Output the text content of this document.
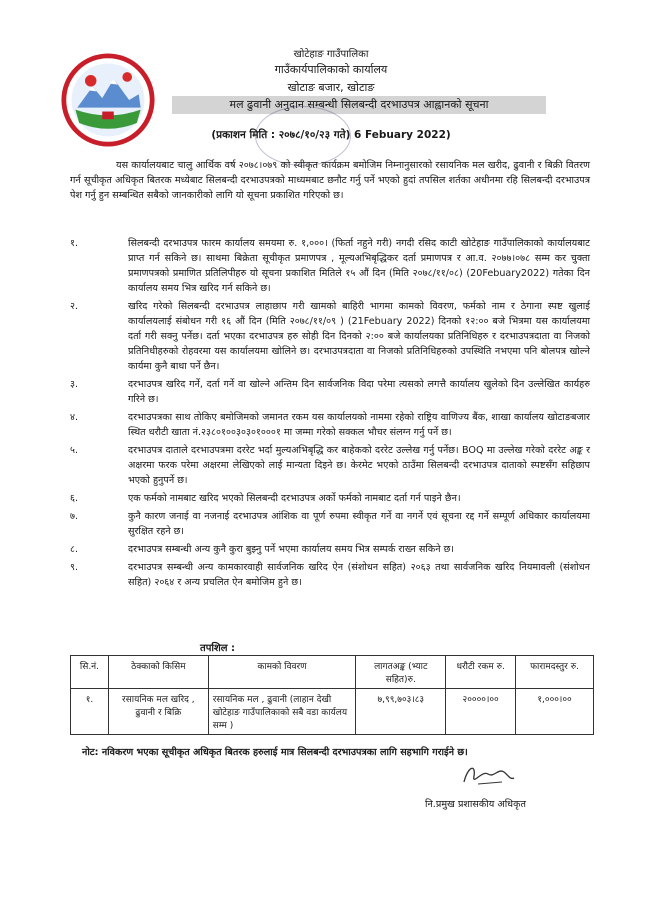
खोटेहाङ गाउँपालिका
गाउँकार्यपालिकाको कार्यालय
खोटाङ बजार, खोटाङ
मल ढुवानी अनुदान सम्बन्धी सिलबन्दी दरभाउपत्र आह्वानको सूचना
(प्रकाशन मिति : २०७८/१०/२३ गते) 6 Febuary 2022)

यस कार्यालयबाट चालु आर्थिक वर्ष २०७८।०७९ को स्वीकृत कार्यक्रम बमोजिम निम्नानुसारको रसायनिक मल खरीद, ढुवानी र बिक्री वितरण गर्न सूचीकृत अधिकृत बितरक मध्येबाट सिलबन्दी दरभाउपत्रको माध्यमबाट छनौट गर्नु पर्ने भएको हुदां तपसिल शर्तका अधीनमा रहि सिलबन्दी दरभाउपत्र पेश गर्नु हुन सम्बन्धित सबैको जानकारीको लागि यो सूचना प्रकाशित गरिएको छ।

१.	सिलबन्दी दरभाउपत्र फारम कार्यालय समयमा रु. १,०००। (फिर्ता नहुने गरी) नगदी रसिद काटी खोटेहाङ गाउँपालिकाको कार्यालयबाट प्राप्त गर्न सकिने छ। साथमा बिक्रेता सूचीकृत प्रमाणपत्र , मूल्यअभिबृद्धिकर दर्ता प्रमाणपत्र र आ.व. २०७७।०७८ सम्म कर चुक्ता प्रमाणपत्रको प्रमाणित प्रतिलिपीहरु यो सूचना प्रकाशित मितिले १५ औं दिन (मिति २०७८/११/०८) (20Febuary2022) गतेका दिन कार्यालय समय भित्र खरिद गर्न सकिने छ।
२.	खरिद गरेको सिलबन्दी दरभाउपत्र लाहाछाप गरी खामको बाहिरी भागमा कामको विवरण, फर्मको नाम र ठेगाना स्पष्ट खुलाई कार्यालयलाई संबोधन गरी १६ औं दिन (मिति २०७८/११/०९ ) (21Febuary 2022) दिनको १२:०० बजे भित्रमा यस कार्यालयमा दर्ता गरी सक्नु पर्नेछ। दर्ता भएका दरभाउपत्र हरु सोही दिन दिनको २:०० बजे कार्यालयका प्रतिनिधिहरु र दरभाउपत्रदाता वा निजको प्रतिनिधीहरुको रोहवरमा यस कार्यालयमा खोलिने छ। दरभाउपत्रदाता वा निजको प्रतिनिधिहरुको उपस्थिति नभएमा पनि बोलपत्र खोल्ने कार्यमा कुनै बाधा पर्ने छैन।
३.	दरभाउपत्र खरिद गर्ने, दर्ता गर्ने वा खोल्ने अन्तिम दिन सार्वजनिक विदा परेमा त्यसको लगत्तै कार्यालय खुलेको दिन उल्लेखित कार्यहरु गरिने छ।
४.	दरभाउपत्रका साथ तोकिए बमोजिमको जमानत रकम यस कार्यालयको नाममा रहेको राष्ट्रिय वाणिज्य बैंक, शाखा कार्यालय खोटाङबजार स्थित धरौटी खाता नं.२३८०१००३०३०१०००१ मा जम्मा गरेको सक्कल भौचर संलग्न गर्नु पर्ने छ।
५.	दरभाउपत्र दाताले दरभाउपत्रमा दररेट भर्दा मुल्यअभिबृद्धि कर बाहेकको दररेट उल्लेख गर्नु पर्नेछ। BOQ मा उल्लेख गरेको दररेट अङ्क र अक्षरमा फरक परेमा अक्षरमा लेखिएको लाई मान्यता दिइने छ। केरमेट भएको ठाउँमा सिलबन्दी दरभाउपत्र दाताको स्पष्टसँग सहिछाप भएको हुनुपर्ने छ।
६.	एक फर्मको नामबाट खरिद भएको सिलबन्दी दरभाउपत्र अर्को फर्मको नामबाट दर्ता गर्न पाइने छैन।
७.	कुनै कारण जनाई वा नजनाई दरभाउपत्र आंशिक वा पूर्ण रुपमा स्वीकृत गर्ने वा नगर्ने एवं सूचना रद्द गर्ने सम्पूर्ण अधिकार कार्यालयमा सुरक्षित रहने छ।
८.	दरभाउपत्र सम्बन्धी अन्य कुनै कुरा बुझ्नु पर्ने भएमा कार्यालय समय भित्र सम्पर्क राख्न सकिने छ।
९.	दरभाउपत्र सम्बन्धी अन्य कामकारवाही सार्वजनिक खरिद ऐन (संशोधन सहित) २०६३ तथा सार्वजनिक खरिद नियमावली (संशोधन सहित) २०६४ र अन्य प्रचलित ऐन बमोजिम हुने छ।
तपशिल :
सि.नं.	ठेक्काको किसिम	कामको विवरण	लागतअङ्क (भ्याट सहित)रु.	धरौटी रकम रु.	फारामदस्तुर रु.
१.	रसायनिक मल खरिद , ढुवानी र बिक्रि	रसायनिक मल , ढुवानी (लाहान देखी खोटेहाङ गाउँपालिकाको सबै वडा कार्यलय सम्म )	७,९९,७०३।८३	२००००।००	१,०००।००
नोट: नविकरण भएका सूचीकृत अधिकृत बितरक हरुलाई मात्र सिलबन्दी दरभाउपत्रका लागि सहभागि गराईने छ।
नि.प्रमुख प्रशासकीय अधिकृत
